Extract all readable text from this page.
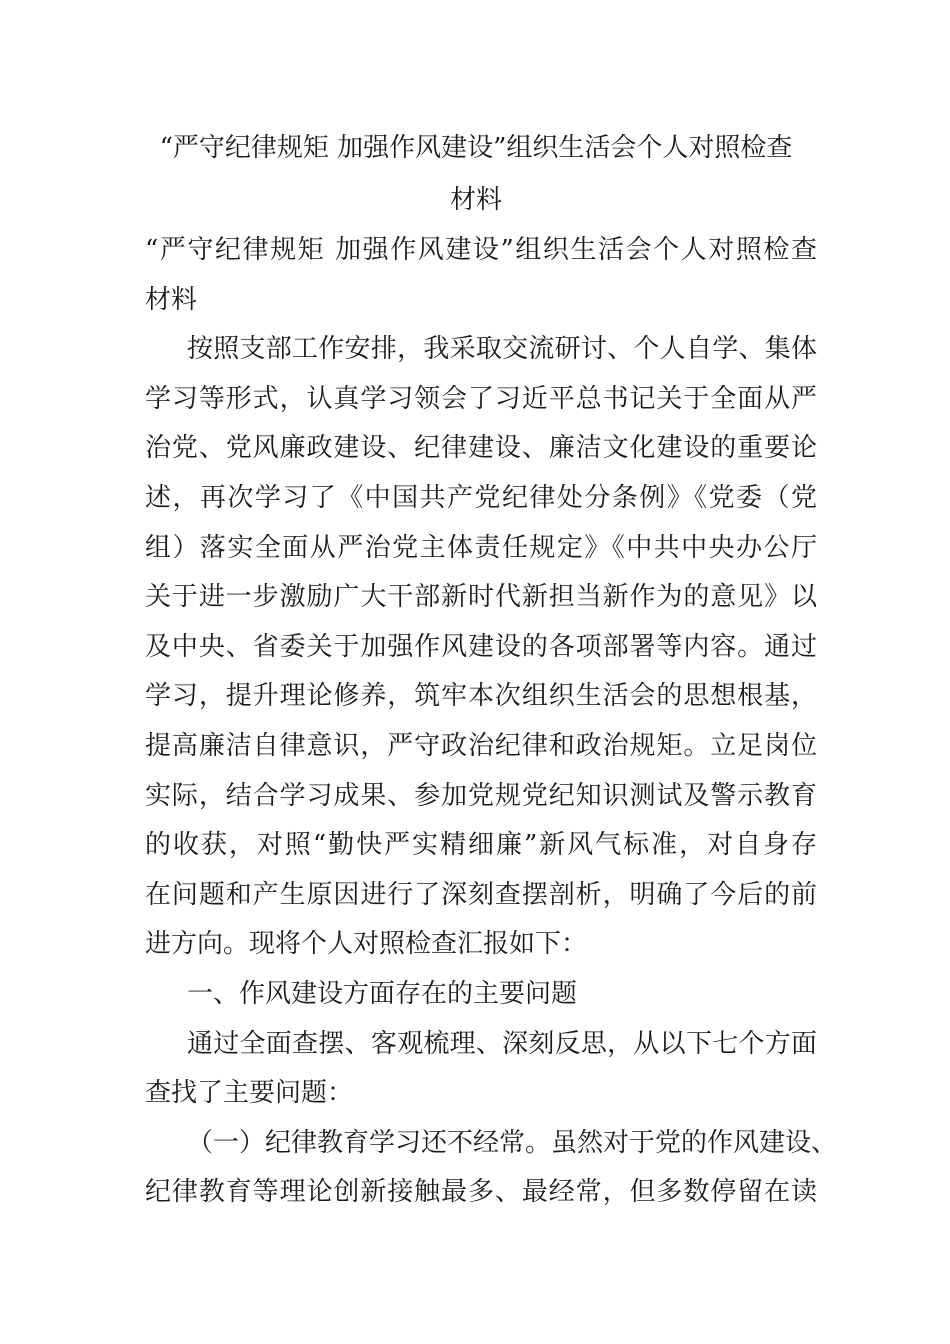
“严守纪律规矩 加强作风建设”组织生活会个人对照检查
材料
“严守纪律规矩 加强作风建设”组织生活会个人对照检查
材料
按照支部工作安排，我采取交流研讨、个人自学、集体
学习等形式，认真学习领会了习近平总书记关于全面从严
治党、党风廉政建设、纪律建设、廉洁文化建设的重要论
述，再次学习了《中国共产党纪律处分条例》《党委（党
组）落实全面从严治党主体责任规定》《中共中央办公厅
关于进一步激励广大干部新时代新担当新作为的意见》以
及中央、省委关于加强作风建设的各项部署等内容。通过
学习，提升理论修养，筑牢本次组织生活会的思想根基，
提高廉洁自律意识，严守政治纪律和政治规矩。立足岗位
实际，结合学习成果、参加党规党纪知识测试及警示教育
的收获，对照“勤快严实精细廉”新风气标准，对自身存
在问题和产生原因进行了深刻查摆剖析，明确了今后的前
进方向。现将个人对照检查汇报如下：
一、作风建设方面存在的主要问题
通过全面查摆、客观梳理、深刻反思，从以下七个方面
查找了主要问题：
（一）纪律教育学习还不经常。虽然对于党的作风建设、
纪律教育等理论创新接触最多、最经常，但多数停留在读
